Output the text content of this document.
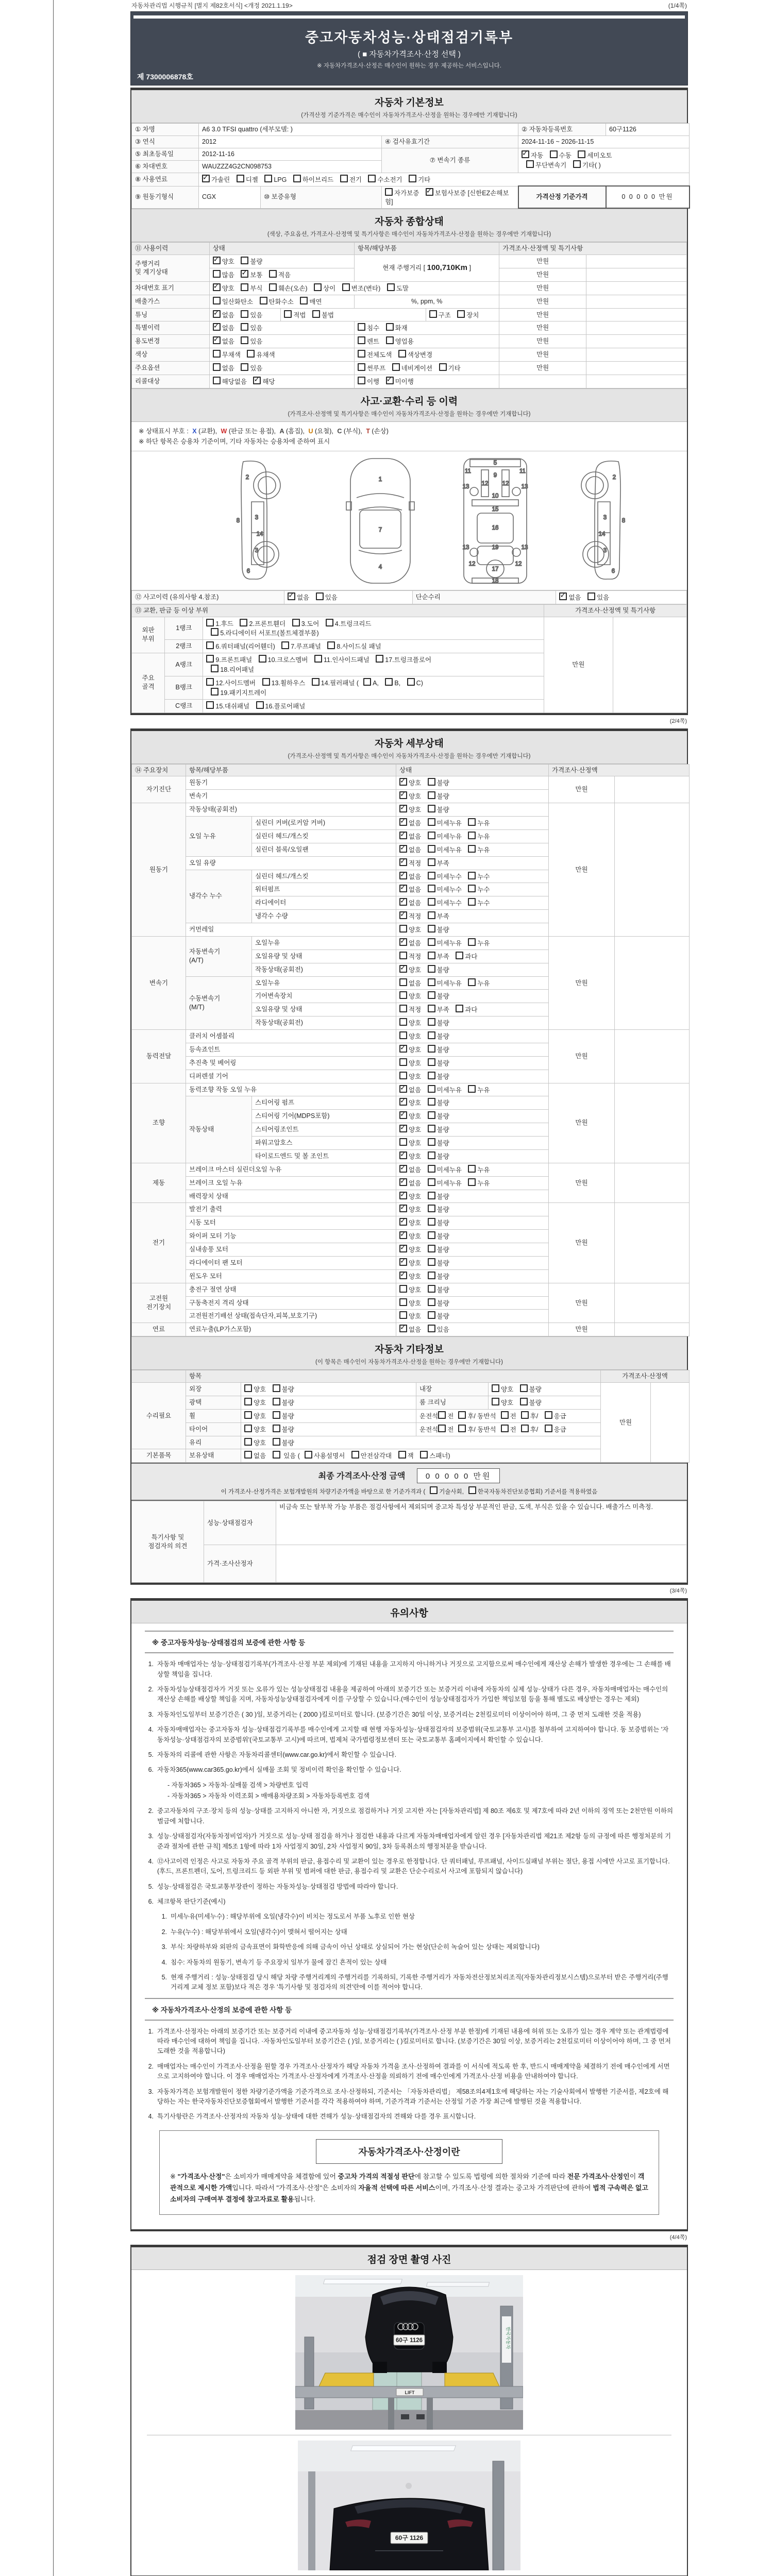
자동차관리법 시행규칙 [별지 제82호서식] <개정 2021.1.19>	(1/4쪽)
중고자동차성능·상태점검기록부
( ■ 자동차가격조사·산정 선택 )
※ 자동차가격조사·산정은 매수인이 원하는 경우 제공하는 서비스입니다.
제 7300006878호
자동차 기본정보
(가격산정 기준가격은 매수인이 자동차가격조사·산정을 원하는 경우에만 기재합니다)
① 차명	A6 3.0 TFSI quattro (세부모델: )			② 자동차등록번호	60구1126
③ 연식	2012		④ 검사유효기간	2024-11-16 ~ 2026-11-15	
⑤ 최초등록일	2012-11-16		⑦ 변속기 종류	✓자동 수동 세미오토
무단변속기 기타( )
⑥ 차대번호	WAUZZZ4G2CN098753				
⑧ 사용연료	✓가솔린 디젤 LPG 하이브리드 전기 수소전기 기타
⑨ 원동기형식	CGX	⑩ 보증유형	자가보증 ✓보험사보증 [신한EZ손해보험]	가격산정 기준가격	0 0 0 0 0 만원
자동차 종합상태
(색상, 주요옵션, 가격조사·산정액 및 특기사항은 매수인이 자동차가격조사·산정을 원하는 경우에만 기재합니다)
⑪ 사용이력	상태		항목/해당부품		가격조사·산정액 및 특기사항	
주행거리
및 계기상태	✓양호 불량		현재 주행거리 [ 100,710Km ]		만원	
	많음 ✓보통 적음				만원	
차대번호 표기	✓양호 부식 훼손(오손) 상이 변조(변타) 도말				만원	
배출가스	일산화탄소 탄화수소 매연		%, ppm, %		만원	
튜닝	✓없음 있음	적법 불법		구조 장치	만원	
특별이력	✓없음 있음		침수 화재		만원	
용도변경	✓없음 있음		렌트 영업용		만원	
색상	무채색 유채색		전체도색 색상변경		만원	
주요옵션	없음 있음		썬루프 네비게이션 기타		만원	
리콜대상	해당없음 ✓해당		이행 ✓미이행		
사고·교환·수리 등 이력
(가격조사·산정액 및 특기사항은 매수인이 자동차가격조사·산정을 원하는 경우에만 기재합니다)
※ 상태표시 부호 : X (교환), W (판금 또는 용접), A (흠집), U (요철), C (부식), T (손상)
※ 하단 항목은 승용차 기준이며, 기타 자동차는 승용차에 준하여 표시
2
8	3
14
3
6
1
7
4
5
9
11	11
13	13
12 12
10
15
16
13	13
19
17
12	12
18
2
8
3
14
3
6
⑫ 사고이력 (유의사항 4.참조)	✓없음 있음	단순수리	✓없음 있음
⑬ 교환, 판금 등 이상 부위			가격조사·산정액 및 특기사항	
외판
부위	1랭크	1.후드 2.프론트휀더 3.도어 4.트렁크리드
5.라디에이터 서포트(볼트체결부품)	만원	
	2랭크	6.쿼터패널(리어휀더) 7.루프패널 8.사이드실 패널		
주요
골격	A랭크	9.프론트패널 10.크로스멤버 11.인사이드패널 17.트렁크플로어
18.리어패널		
	B랭크	12.사이드멤버 13.휠하우스 14.필러패널 ( A, B, C)
19.패키지트레이		
	C랭크	15.대쉬패널 16.플로어패널		
(2/4쪽)
자동차 세부상태
(가격조사·산정액 및 특기사항은 매수인이 자동차가격조사·산정을 원하는 경우에만 기재합니다)
⑭ 주요장치	항목/해당부품		상태	가격조사·산정액	
자기진단	원동기	✓양호 불량	만원	
	변속기	✓양호 불량
원동기	작동상태(공회전)	✓양호 불량	만원	
	오일 누유	실린더 커버(로커암 커버)	✓없음 미세누유 누유
		실린더 헤드/개스킷	✓없음 미세누유 누유
		실린더 블록/오일팬	✓없음 미세누유 누유
	오일 유량	✓적정 부족
	냉각수 누수	실린더 헤드/개스킷	✓없음 미세누수 누수
		워터펌프	✓없음 미세누수 누수
		라디에이터	✓없음 미세누수 누수
		냉각수 수량	✓적정 부족
	커먼레일		양호 불량		
변속기	자동변속기
(A/T)	오일누유	✓없음 미세누유 누유	만원	
		오일유량 및 상태	적정 부족 과다		
		작동상태(공회전)	✓양호 불량
	수동변속기
(M/T)	오일누유	없음 미세누유 누유		
		기어변속장치	양호 불량		
		오일유량 및 상태	적정 부족 과다		
		작동상태(공회전)	양호 불량		
동력전달	클러치 어셈블리		양호 불량	만원	
	등속죠인트	✓양호 불량
	추진축 및 베어링		양호 불량		
	디퍼렌셜 기어		양호 불량		
조향	동력조향 작동 오일 누유	✓없음 미세누유 누유	만원	
	작동상태	스티어링 펌프	✓양호 불량
		스티어링 기어(MDPS포함)	✓양호 불량
		스티어링조인트	✓양호 불량
		파워고압호스	양호 불량		
		타이로드엔드 및 볼 조인트	✓양호 불량
제동	브레이크 마스터 실린더오일 누유	✓없음 미세누유 누유	만원	
	브레이크 오일 누유	✓없음 미세누유 누유
	배력장치 상태	✓양호 불량
전기	발전기 출력	✓양호 불량	만원	
	시동 모터	✓양호 불량
	와이퍼 모터 기능	✓양호 불량
	실내송풍 모터	✓양호 불량
	라디에이터 팬 모터	✓양호 불량
	윈도우 모터	✓양호 불량
고전원
전기장치	충전구 절연 상태		양호 불량	만원	
	구동축전지 격리 상태		양호 불량		
	고전원전기배선 상태(접속단자,피복,보호기구)		양호 불량		
연료	연료누출(LP가스포함)	✓없음 있음	만원	
자동차 기타정보
(이 항목은 매수인이 자동차가격조사·산정을 원하는 경우에만 기재합니다)
	항목				가격조사·산정액	
수리필요	외장	양호 불량	내장	양호 불량	만원	
	광택	양호 불량	룸 크리닝	양호 불량		
	휠	양호 불량	운전석 전 후/ 동반석 전 후/ 응급			
	타이어	양호 불량	운전석 전 후/ 동반석 전 후/ 응급			
	유리	양호 불량				
기본품목	보유상태	없음  있음 ( 사용설명서 안전삼각대 잭 스패너)				
최종 가격조사·산정 금액	0 0 0 0 0 만원
이 가격조사·산정가격은 보험개발원의 차량기준가액을 바탕으로 한 기준가격과 ( 기술사회, 한국자동차진단보증협회) 기준서를 적용하였음
특기사항 및
점검자의 의견	성능·상태점검자	비금속 또는 탈부착 가능 부품은 점검사항에서 제외되며 중고차 특성상 부분적인 판금, 도색, 부식은 있을 수 있습니다. 배출가스 미측정.
	가격·조사산정자	
(3/4쪽)
유의사항
※ 중고자동차성능·상태점검의 보증에 관한 사항 등
1. 자동차 매매업자는 성능·상태점검기록부(가격조사·산정 부분 제외)에 기재된 내용을 고지하지 아니하거나 거짓으로 고지함으로써 매수인에게 재산상 손해가 발생한 경우에는 그 손해를 배상할 책임을 집니다.
2. 자동차성능상태점검자가 거짓 또는 오류가 있는 성능상태점검 내용을 제공하여 아래의 보증기간 또는 보증거리 이내에 자동차의 실제 성능·상태가 다른 경우, 자동차매매업자는 매수인의 재산상 손해를 배상할 책임을 지며, 자동차성능상태점검자에게 이를 구상할 수 있습니다.(매수인이 성능상태점검자가 가입한 책임보험 등을 통해 별도로 배상받는 경우는 제외)
3. 자동차인도일부터 보증기간은 ( 30 )일, 보증거리는 ( 2000 )킬로미터로 합니다. (보증기간은 30일 이상, 보증거리는 2천킬로미터 이상이어야 하며, 그 중 먼저 도래한 것을 적용)
4. 자동차매매업자는 중고자동차 성능·상태점검기록부를 매수인에게 고지할 때 현행 자동차성능·상태점검자의 보증범위(국토교통부 고시)를 첨부하여 고지하여야 합니다. 동 보증범위는 '자동차성능·상태점검자의 보증범위'(국토교통부 고시)에 따르며, 법제처 국가법령정보센터 또는 국토교통부 홈페이지에서 확인할 수 있습니다.
5. 자동차의 리콜에 관한 사항은 자동차리콜센터(www.car.go.kr)에서 확인할 수 있습니다.
6. 자동차365(www.car365.go.kr)에서 실매물 조회 및 정비이력 확인을 확인할 수 있습니다.
- 자동차365 > 자동차·실매물 검색 > 차량번호 입력
- 자동차365 > 자동차 이력조회 > 매매용차량조회 > 자동차등록번호 검색
2. 중고자동차의 구조·장치 등의 성능·상태를 고지하지 아니한 자, 거짓으로 점검하거나 거짓 고지한 자는 [자동차관리법] 제 80조 제6호 및 제7호에 따라 2년 이하의 징역 또는 2천만원 이하의 벌금에 처합니다.
3. 성능·상태점검자(자동차정비업자)가 거짓으로 성능·상태 점검을 하거나 점검한 내용과 다르게 자동차매매업자에게 알린 경우 [자동차관리법 제21조 제2항 등의 규정에 따른 행정처분의 기준과 절차에 관한 규칙] 제5조 1항에 따라 1차 사업정지 30일, 2차 사업정지 90일, 3차 등록취소의 행정처분을 받습니다.
4. ⑫사고이력 인정은 사고로 자동차 주요 골격 부위의 판금, 용접수리 및 교환이 있는 경우로 한정합니다. 단 쿼터패널, 루프패널, 사이드실패널 부위는 절단, 용접 시에만 사고로 표기합니다. (후드, 프론트펜더, 도어, 트렁크리드 등 외판 부위 및 범퍼에 대한 판금, 용접수리 및 교환은 단순수리로서 사고에 포함되지 않습니다)
5. 성능·상태점검은 국토교통부장관이 정하는 자동차성능·상태점검 방법에 따라야 합니다.
6. 체크항목 판단기준(예시)
1. 미세누유(미세누수) : 해당부위에 오일(냉각수)이 비치는 정도로서 부품 노후로 인한 현상
2. 누유(누수) : 해당부위에서 오일(냉각수)이 맺혀서 떨어지는 상태
3. 부식: 차량하부와 외판의 금속표면이 화학반응에 의해 금속이 아닌 상태로 상실되어 가는 현상(단순히 녹슬어 있는 상태는 제외합니다)
4. 침수: 자동차의 원동기, 변속기 등 주요장치 일부가 물에 잠긴 흔적이 있는 상태
5. 현재 주행거리 : 성능·상태점검 당시 해당 차량 주행거리계의 주행거리를 기록하되, 기록한 주행거리가 자동차전산정보처리조직(자동차관리정보시스템)으로부터 받은 주행거리(주행거리계 교체 정보 포함)보다 적은 경우 '특기사항 및 점검자의 의견'란에 이를 적어야 합니다.
※ 자동차가격조사·산정의 보증에 관한 사항 등
1. 가격조사·산정자는 아래의 보증기간 또는 보증거리 이내에 중고자동차 성능·상태점검기록부(가격조사·산정 부분 한정)에 기재된 내용에 허위 또는 오류가 있는 경우 계약 또는 관계법령에 따라 매수인에 대하여 책임을 집니다. ·자동차인도일부터 보증기간은 ( )일, 보증거리는 ( )킬로미터로 합니다. (보증기간은 30일 이상, 보증거리는 2천킬로미터 이상이어야 하며, 그 중 먼저 도래한 것을 적용합니다)
2. 매매업자는 매수인이 가격조사·산정을 원할 경우 가격조사·산정자가 해당 자동차 가격을 조사·산정하여 결과를 이 서식에 적도록 한 후, 반드시 매매계약을 체결하기 전에 매수인에게 서면으로 고지하여야 합니다. 이 경우 매매업자는 가격조사·산정자에게 가격조사·산정을 의뢰하기 전에 매수인에게 가격조사·산정 비용을 안내하여야 합니다.
3. 자동차가격은 보험개발원이 정한 차량기준가액을 기준가격으로 조사·산정하되, 기준서는 「자동차관리법」 제58조의4제1호에 해당하는 자는 기술사회에서 발행한 기준서를, 제2호에 해당하는 자는 한국자동차진단보증협회에서 발행한 기준서를 각각 적용하여야 하며, 기준가격과 기준서는 산정일 기준 가장 최근에 발행된 것을 적용합니다.
4. 특기사항란은 가격조사·산정자의 자동차 성능·상태에 대한 견해가 성능·상태점검자의 견해와 다를 경우 표시합니다.
자동차가격조사·산정이란
※ "가격조사·산정"은 소비자가 매매계약을 체결함에 있어 중고차 가격의 적절성 판단에 참고할 수 있도록 법령에 의한 절차와 기준에 따라 전문 가격조사·산정인이 객관적으로 제시한 가액입니다. 따라서 "가격조사·산정"은 소비자의 자율적 선택에 따른 서비스이며, 가격조사·산정 결과는 중고차 가격판단에 관하여 법적 구속력은 없고 소비자의 구매여부 결정에 참고자료로 활용됩니다.
(4/4쪽)
점검 장면 촬영 사진
한국자동차
60구 1126
LIFT
60구 1126
